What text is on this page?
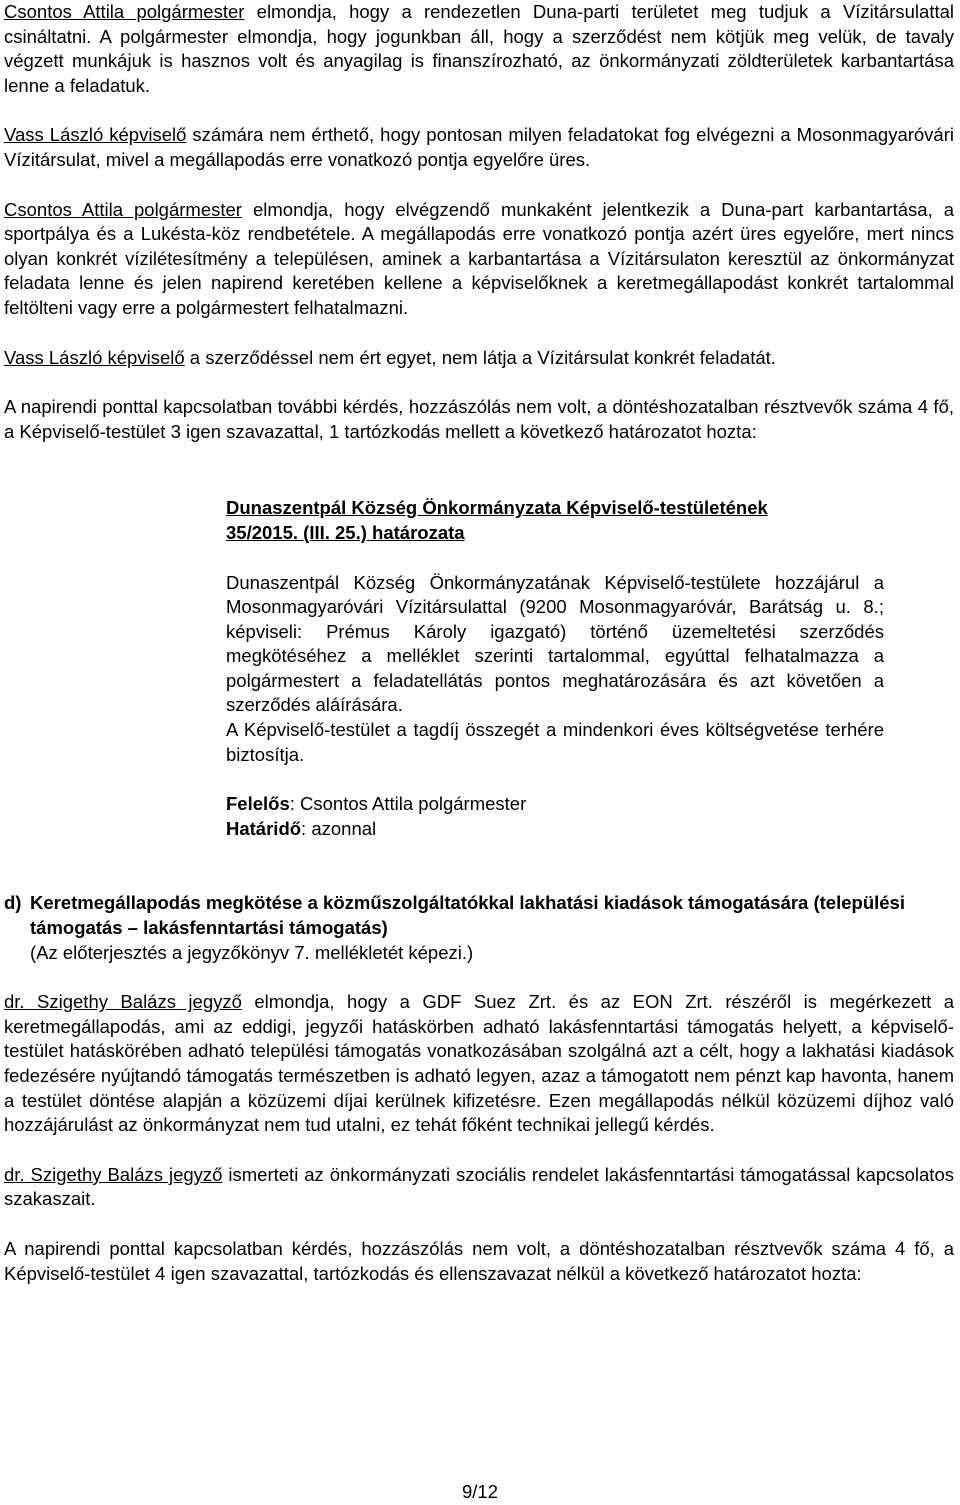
Csontos Attila polgármester elmondja, hogy a rendezetlen Duna-parti területet meg tudjuk a Vízitársulattal csináltatni. A polgármester elmondja, hogy jogunkban áll, hogy a szerződést nem kötjük meg velük, de tavaly végzett munkájuk is hasznos volt és anyagilag is finanszírozható, az önkormányzati zöldterületek karbantartása lenne a feladatuk.

Vass László képviselő számára nem érthető, hogy pontosan milyen feladatokat fog elvégezni a Mosonmagyaróvári Vízitársulat, mivel a megállapodás erre vonatkozó pontja egyelőre üres.

Csontos Attila polgármester elmondja, hogy elvégzendő munkaként jelentkezik a Duna-part karbantartása, a sportpálya és a Lukésta-köz rendbetétele. A megállapodás erre vonatkozó pontja azért üres egyelőre, mert nincs olyan konkrét vízilétesítmény a településen, aminek a karbantartása a Vízitársulaton keresztül az önkormányzat feladata lenne és jelen napirend keretében kellene a képviselőknek a keretmegállapodást konkrét tartalommal feltölteni vagy erre a polgármestert felhatalmazni.

Vass László képviselő a szerződéssel nem ért egyet, nem látja a Vízitársulat konkrét feladatát.

A napirendi ponttal kapcsolatban további kérdés, hozzászólás nem volt, a döntéshozatalban résztvevők száma 4 fő, a Képviselő-testület 3 igen szavazattal, 1 tartózkodás mellett a következő határozatot hozta:

Dunaszentpál Község Önkormányzata Képviselő-testületének
35/2015. (III. 25.) határozata

Dunaszentpál Község Önkormányzatának Képviselő-testülete hozzájárul a Mosonmagyaróvári Vízitársulattal (9200 Mosonmagyaróvár, Barátság u. 8.; képviseli: Prémus Károly igazgató) történő üzemeltetési szerződés megkötéséhez a melléklet szerinti tartalommal, egyúttal felhatalmazza a polgármestert a feladatellátás pontos meghatározására és azt követően a szerződés aláírására.

A Képviselő-testület a tagdíj összegét a mindenkori éves költségvetése terhére biztosítja.

Felelős: Csontos Attila polgármester

Határidő: azonnal

d) Keretmegállapodás megkötése a közműszolgáltatókkal lakhatási kiadások támogatására (települési támogatás – lakásfenntartási támogatás)
(Az előterjesztés a jegyzőkönyv 7. mellékletét képezi.)

dr. Szigethy Balázs jegyző elmondja, hogy a GDF Suez Zrt. és az EON Zrt. részéről is megérkezett a keretmegállapodás, ami az eddigi, jegyzői hatáskörben adható lakásfenntartási támogatás helyett, a képviselő-testület hatáskörében adható települési támogatás vonatkozásában szolgálná azt a célt, hogy a lakhatási kiadások fedezésére nyújtandó támogatás természetben is adható legyen, azaz a támogatott nem pénzt kap havonta, hanem a testület döntése alapján a közüzemi díjai kerülnek kifizetésre. Ezen megállapodás nélkül közüzemi díjhoz való hozzájárulást az önkormányzat nem tud utalni, ez tehát főként technikai jellegű kérdés.

dr. Szigethy Balázs jegyző ismerteti az önkormányzati szociális rendelet lakásfenntartási támogatással kapcsolatos szakaszait.

A napirendi ponttal kapcsolatban kérdés, hozzászólás nem volt, a döntéshozatalban résztvevők száma 4 fő, a Képviselő-testület 4 igen szavazattal, tartózkodás és ellenszavazat nélkül a következő határozatot hozta:

9/12
